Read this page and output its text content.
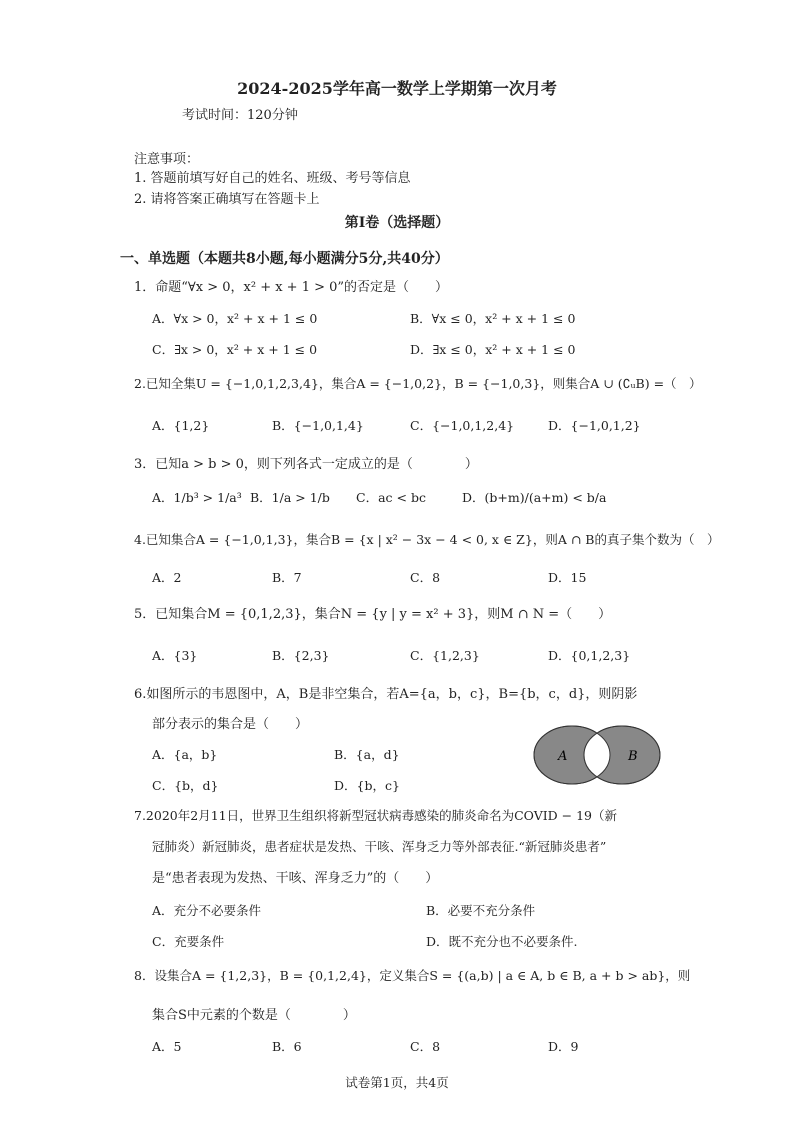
2024-2025学年高一数学上学期第一次月考
考试时间：120分钟
注意事项：
1. 答题前填写好自己的姓名、班级、考号等信息
2. 请将答案正确填写在答题卡上
第I卷（选择题）
一、单选题（本题共8小题,每小题满分5分,共40分）
1．命题“∀x > 0，x² + x + 1 > 0”的否定是（　　）
A．∀x > 0，x² + x + 1 ≤ 0	B．∀x ≤ 0，x² + x + 1 ≤ 0
C．∃x > 0，x² + x + 1 ≤ 0	D．∃x ≤ 0，x² + x + 1 ≤ 0
2.已知全集U = {−1,0,1,2,3,4}，集合A = {−1,0,2}，B = {−1,0,3}，则集合A ∪ (∁ᵤB) =（　）
A．{1,2}	B．{−1,0,1,4}	C．{−1,0,1,2,4}	D．{−1,0,1,2}
3．已知a > b > 0，则下列各式一定成立的是（　　　　）
A．1/b³ > 1/a³ B．1/a > 1/b C．ac < bc	D．(b+m)/(a+m) < b/a
4.已知集合A = {−1,0,1,3}，集合B = {x | x² − 3x − 4 < 0, x ∈ Z}，则A ∩ B的真子集个数为（　）
A．2	B．7	C．8	D．15
5．已知集合M = {0,1,2,3}，集合N = {y | y = x² + 3}，则M ∩ N =（　　）
A．{3}	B．{2,3}	C．{1,2,3}	D．{0,1,2,3}
6.如图所示的韦恩图中，A，B是非空集合，若A={a，b，c}，B={b，c，d}，则阴影
部分表示的集合是（　　）
A．{a，b}	B．{a，d}
C．{b，d}	D．{b，c}
A	B
7.2020年2月11日，世界卫生组织将新型冠状病毒感染的肺炎命名为COVID − 19（新
冠肺炎）新冠肺炎，患者症状是发热、干咳、浑身乏力等外部表征.“新冠肺炎患者”
是“患者表现为发热、干咳、浑身乏力”的（　　）
A．充分不必要条件	B．必要不充分条件
C．充要条件	D．既不充分也不必要条件.
8．设集合A = {1,2,3}，B = {0,1,2,4}，定义集合S = {(a,b) | a ∈ A, b ∈ B, a + b > ab}，则
集合S中元素的个数是（　　　　）
A．5	B．6	C．8	D．9
试卷第1页，共4页
